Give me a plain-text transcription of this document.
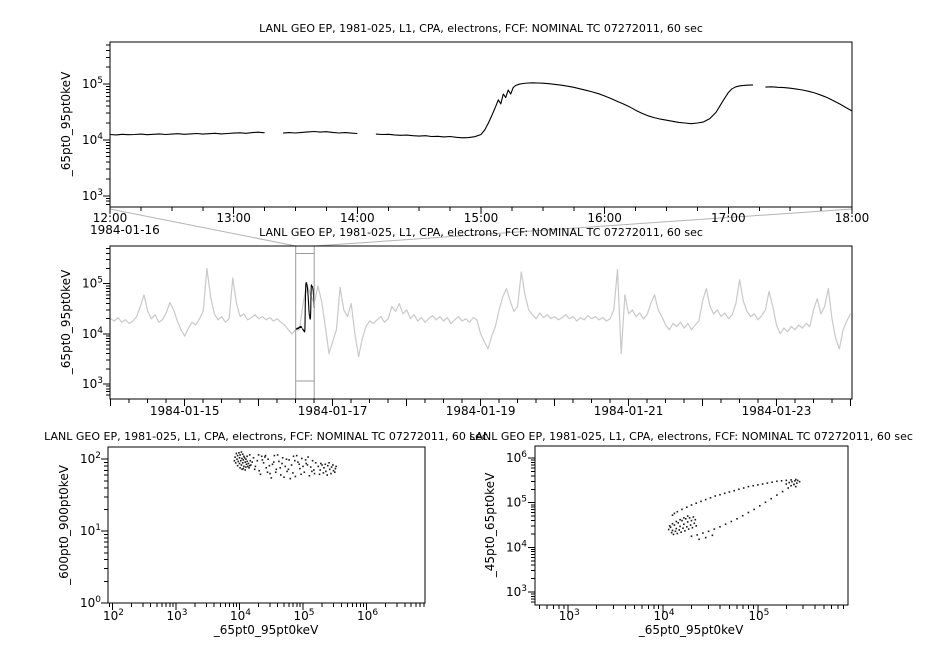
12:00	13:00	14:00	15:00	16:00	17:00	18:00
$10^3$
$10^4$
$10^5$
1984-01-15	1984-01-17	1984-01-19	1984-01-21	1984-01-23
$10^3$
$10^4$
$10^5$
$10^2$	$10^3$	$10^4$	$10^5$	$10^6$
$10^0$
$10^1$
$10^2$
$10^3$	$10^4$	$10^5$
$10^3$
$10^4$
$10^5$
$10^6$
LANL GEO EP, 1981-025, L1, CPA, electrons, FCF: NOMINAL TC 07272011, 60 sec
_65pt0_95pt0keV
1984-01-16	LANL GEO EP, 1981-025, L1, CPA, electrons, FCF: NOMINAL TC 07272011, 60 sec
_65pt0_95pt0keV
LANL GEO EP, 1981-025, L1, CPA, electrons, FCF: NOMINAL TC 07272011, 60 sec
_600pt0_900pt0keV
_65pt0_95pt0keV
LANL GEO EP, 1981-025, L1, CPA, electrons, FCF: NOMINAL TC 07272011, 60 sec
_45pt0_65pt0keV
_65pt0_95pt0keV
